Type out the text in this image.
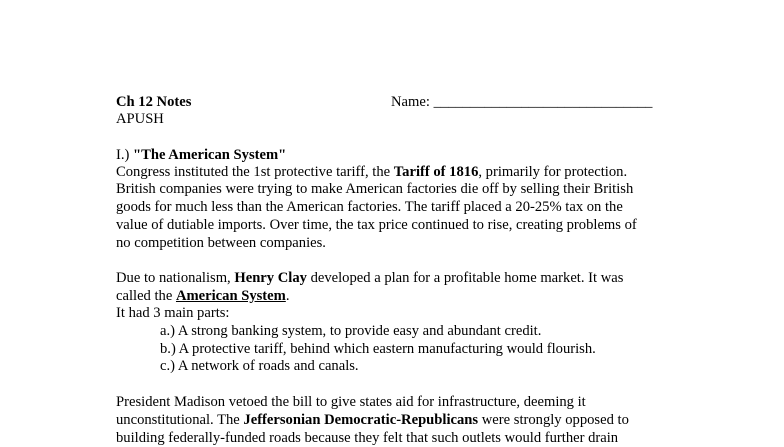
Ch 12 Notes	Name: ______________________________
APUSH
I.) "The American System"
Congress instituted the 1st protective tariff, the Tariff of 1816, primarily for protection.
British companies were trying to make American factories die off by selling their British
goods for much less than the American factories. The tariff placed a 20-25% tax on the
value of dutiable imports. Over time, the tax price continued to rise, creating problems of
no competition between companies.
Due to nationalism, Henry Clay developed a plan for a profitable home market. It was
called the American System.
It had 3 main parts:
a.) A strong banking system, to provide easy and abundant credit.
b.) A protective tariff, behind which eastern manufacturing would flourish.
c.) A network of roads and canals.
President Madison vetoed the bill to give states aid for infrastructure, deeming it
unconstitutional. The Jeffersonian Democratic-Republicans were strongly opposed to
building federally-funded roads because they felt that such outlets would further drain
